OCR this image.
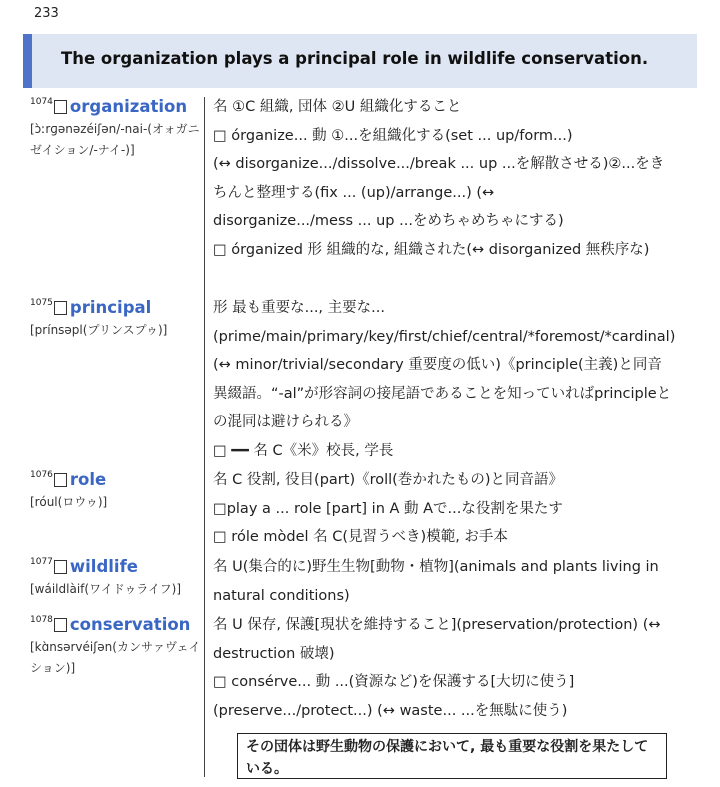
233
The organization plays a principal role in wildlife conservation.
$^{1074}$ organization
[ɔ̀ːrɡənəzéiʃən/-nai-(オォガニゼイション/-ナイ-)]

名 ①C 組織, 団体 ②U 組織化すること

□ órganize... 動 ①...を組織化する(set ... up/form...)

(↔ disorganize.../dissolve.../break ... up ...を解散させる)②...をきちんと整理する(fix ... (up)/arrange...) (↔

disorganize.../mess ... up ...をめちゃめちゃにする)

□ órganized 形 組織的な, 組織された(↔ disorganized 無秩序な)

$^{1075}$ principal
[prínsəpl(プリンスプゥ)]

形 最も重要な..., 主要な...(prime/main/primary/key/first/chief/central/*foremost/*cardinal) (↔ minor/trivial/secondary 重要度の低い)《principle(主義)と同音異綴語。“-al”が形容詞の接尾語であることを知っていればprincipleとの混同は避けられる》

□ ━━ 名 C《米》校長, 学長

$^{1076}$ role
[róul(ロウゥ)]

名 C 役割, 役目(part)《roll(巻かれたもの)と同音語》

□play a ... role [part] in A 動 Aで...な役割を果たす

□ róle mòdel 名 C(見習うべき)模範, お手本

$^{1077}$ wildlife
[wáildlàif(ワイドゥライフ)]

名 U(集合的に)野生生物[動物・植物](animals and plants living in natural conditions)

$^{1078}$ conservation
[kɑ̀nsərvéiʃən(カンサァヴェイション)]

名 U 保存, 保護[現状を維持すること](preservation/protection) (↔ destruction 破壊)

□ consérve... 動 ...(資源など)を保護する[大切に使う](preserve.../protect...) (↔ waste... ...を無駄に使う)

その団体は野生動物の保護において, 最も重要な役割を果たしている。
